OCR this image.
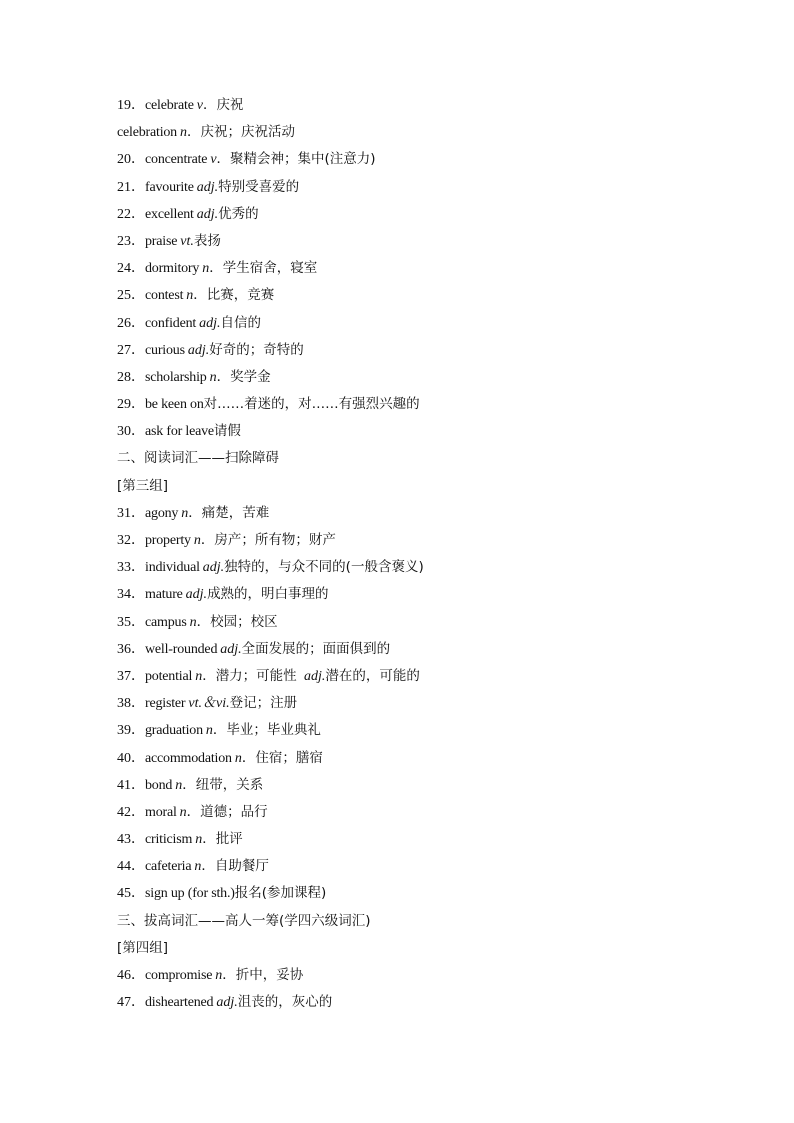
19．celebrate v．庆祝
celebration n．庆祝；庆祝活动
20．concentrate v．聚精会神；集中(注意力)
21．favourite adj.特别受喜爱的
22．excellent adj.优秀的
23．praise vt.表扬
24．dormitory n．学生宿舍，寝室
25．contest n．比赛，竞赛
26．confident adj.自信的
27．curious adj.好奇的；奇特的
28．scholarship n．奖学金
29．be keen on对……着迷的，对……有强烈兴趣的
30．ask for leave请假
二、阅读词汇——扫除障碍
[第三组]
31．agony n．痛楚，苦难
32．property n．房产；所有物；财产
33．individual adj.独特的，与众不同的(一般含褒义)
34．mature adj.成熟的，明白事理的
35．campus n．校园；校区
36．well-rounded adj.全面发展的；面面俱到的
37．potential n．潜力；可能性 adj.潜在的，可能的
38．register vt.＆vi.登记；注册
39．graduation n．毕业；毕业典礼
40．accommodation n．住宿；膳宿
41．bond n．纽带，关系
42．moral n．道德；品行
43．criticism n．批评
44．cafeteria n．自助餐厅
45．sign up (for sth.)报名(参加课程)
三、拔高词汇——高人一筹(学四六级词汇)
[第四组]
46．compromise n．折中，妥协
47．disheartened adj.沮丧的，灰心的
